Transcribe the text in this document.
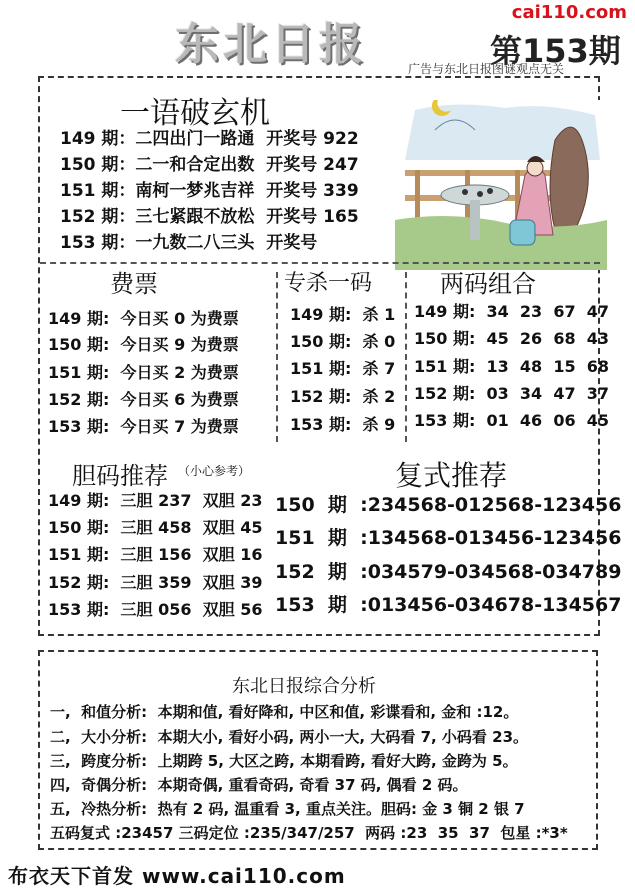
东北日报	第153期
cai110.com
广告与东北日报图谜观点无关
一语破玄机
149 期：二四出门一路通  开奖号 922
150 期：二一和合定出数  开奖号 247
151 期：南柯一梦兆吉祥  开奖号 339
152 期：三七紧跟不放松  开奖号 165
153 期：一九数二八三头  开奖号
费票
149 期:  今日买 0 为费票
150 期:  今日买 9 为费票
151 期:  今日买 2 为费票
152 期:  今日买 6 为费票
153 期:  今日买 7 为费票
专杀一码
149 期:  杀 1
150 期:  杀 0
151 期:  杀 7
152 期:  杀 2
153 期:  杀 9
两码组合
149 期:  34  23  67  47
150 期:  45  26  68  43
151 期:  13  48  15  68
152 期:  03  34  47  37
153 期:  01  46  06  45
胆码推荐 （小心参考）
149 期:  三胆 237  双胆 23
150 期:  三胆 458  双胆 45
151 期:  三胆 156  双胆 16
152 期:  三胆 359  双胆 39
153 期:  三胆 056  双胆 56
复式推荐
150  期  :234568-012568-123456
151  期  :134568-013456-123456
152  期  :034579-034568-034789
153  期  :013456-034678-134567
东北日报综合分析
一,  和值分析:  本期和值, 看好降和, 中区和值, 彩谍看和, 金和 :12。
二,  大小分析:  本期大小, 看好小码, 两小一大, 大码看 7, 小码看 23。
三,  跨度分析:  上期跨 5, 大区之跨, 本期看跨, 看好大跨, 金跨为 5。
四,  奇偶分析:  本期奇偶, 重看奇码, 奇看 37 码, 偶看 2 码。
五,  冷热分析:  热有 2 码, 温重看 3, 重点关注。胆码: 金 3 铜 2 银 7
五码复式 :23457 三码定位 :235/347/257  两码 :23  35  37  包星 :*3*
布衣天下首发 www.cai110.com
